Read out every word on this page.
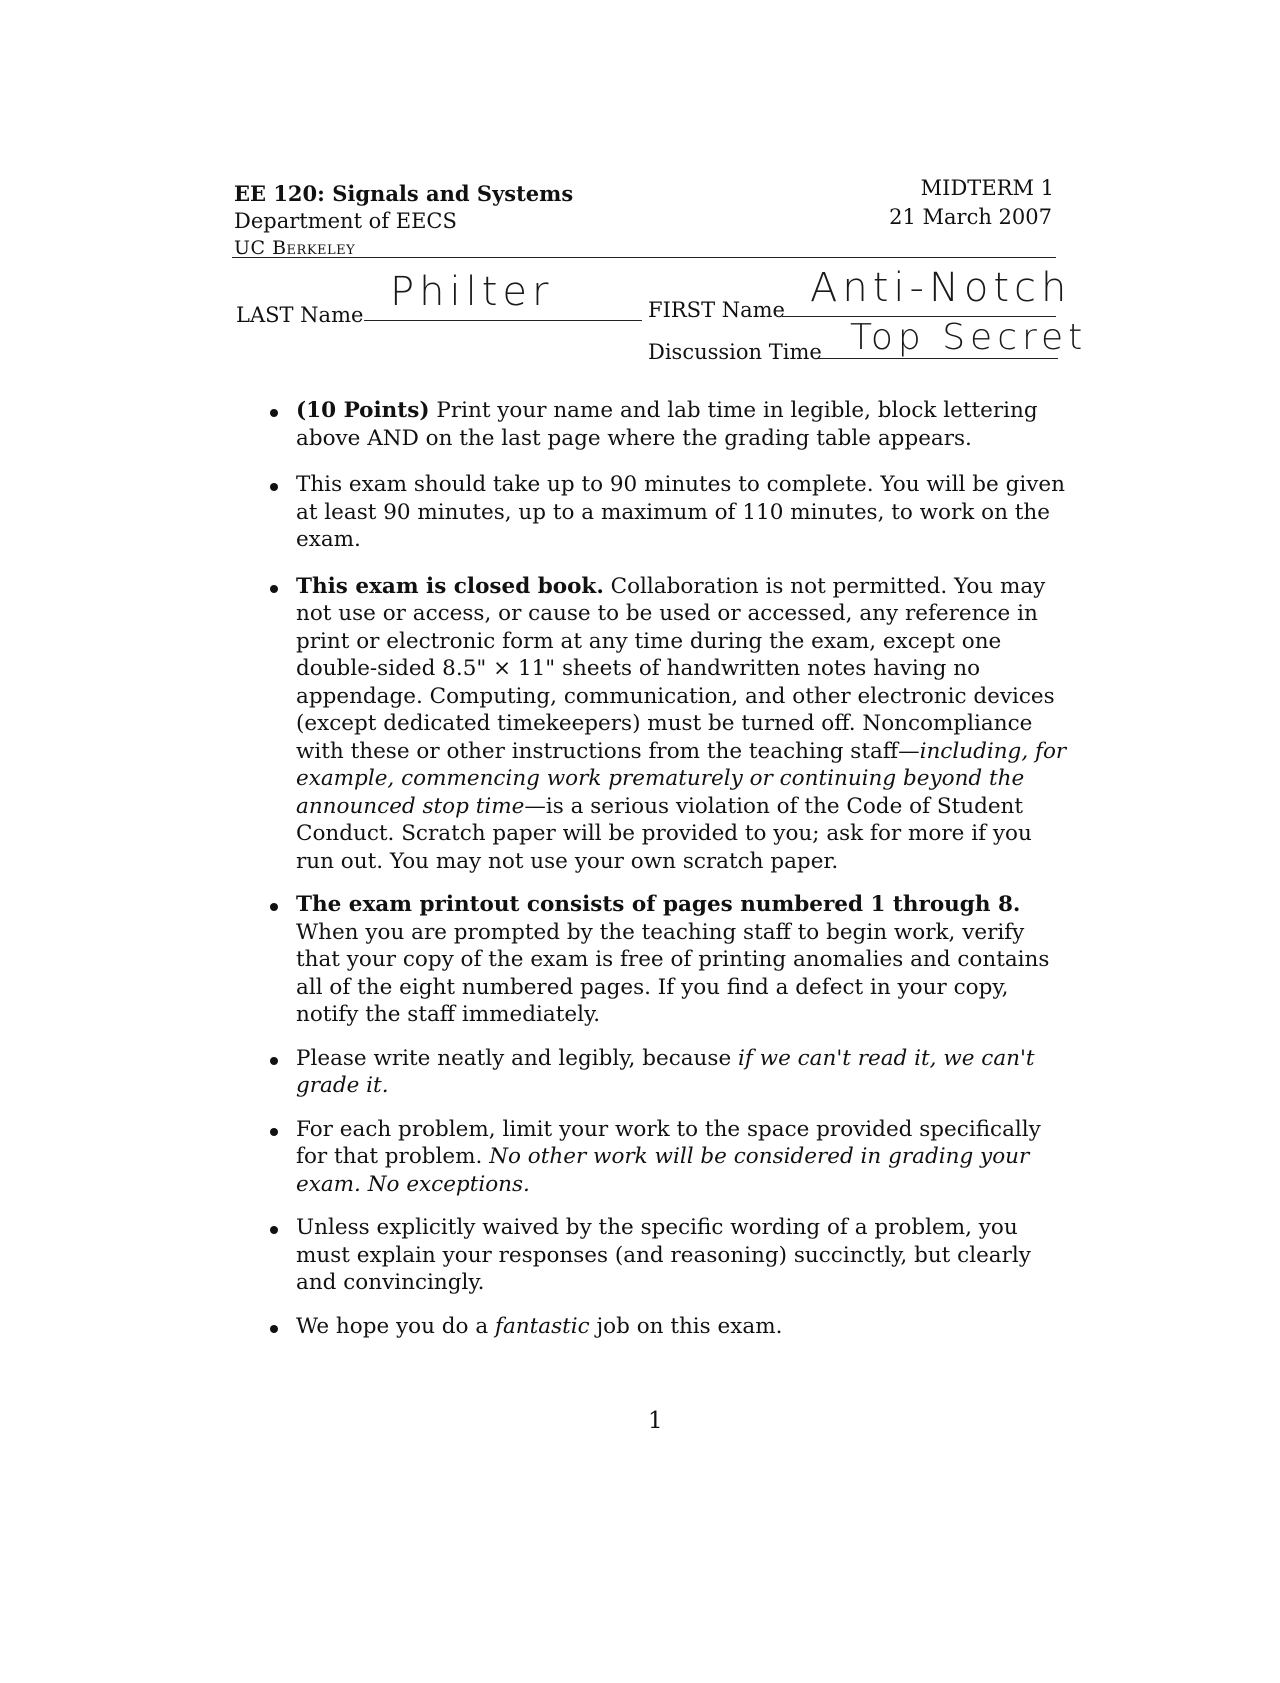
EE 120: Signals and Systems
Department of EECS
UC Berkeley
MIDTERM 1
21 March 2007
LAST Name Philter	FIRST Name Anti-Notch
Discussion Time Top Secret

(10 Points) Print your name and lab time in legible, block lettering above AND on the last page where the grading table appears.

This exam should take up to 90 minutes to complete. You will be given at least 90 minutes, up to a maximum of 110 minutes, to work on the exam.

This exam is closed book. Collaboration is not permitted. You may not use or access, or cause to be used or accessed, any reference in print or electronic form at any time during the exam, except one double-sided 8.5" × 11" sheets of handwritten notes having no appendage. Computing, communication, and other electronic devices (except dedicated timekeepers) must be turned off. Noncompliance with these or other instructions from the teaching staff—including, for example, commencing work prematurely or continuing beyond the announced stop time—is a serious violation of the Code of Student Conduct. Scratch paper will be provided to you; ask for more if you run out. You may not use your own scratch paper.

The exam printout consists of pages numbered 1 through 8. When you are prompted by the teaching staff to begin work, verify that your copy of the exam is free of printing anomalies and contains all of the eight numbered pages. If you find a defect in your copy, notify the staff immediately.

Please write neatly and legibly, because if we can't read it, we can't grade it.

For each problem, limit your work to the space provided specifically for that problem. No other work will be considered in grading your exam. No exceptions.

Unless explicitly waived by the specific wording of a problem, you must explain your responses (and reasoning) succinctly, but clearly and convincingly.

We hope you do a fantastic job on this exam.

1
